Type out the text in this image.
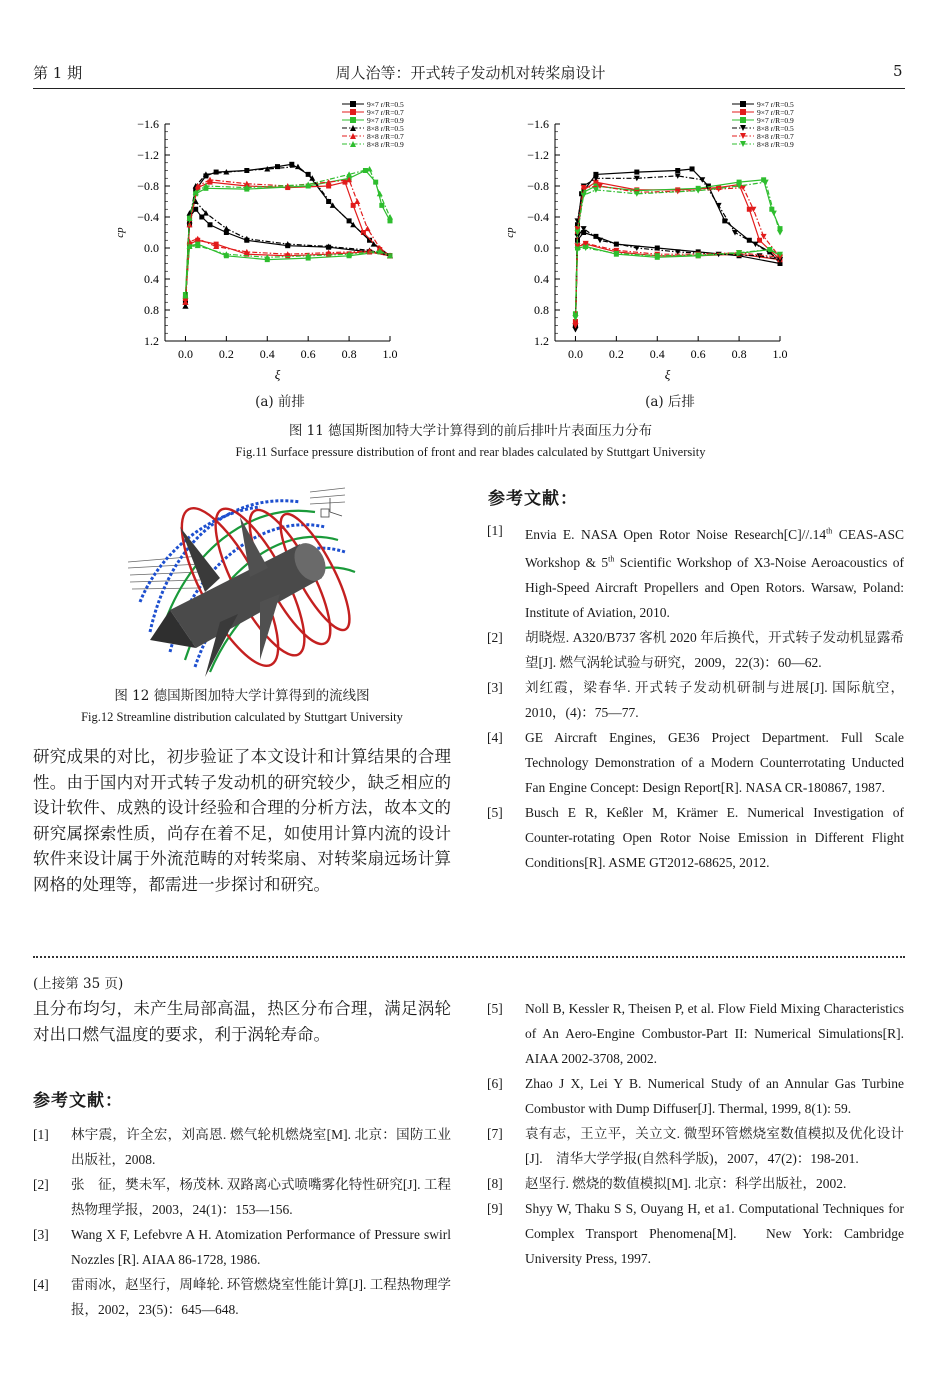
第 1 期	周人治等：开式转子发动机对转桨扇设计	5
−1.6
−1.2
−0.8
−0.4
0.0
0.4
0.8
1.2
0.0 0.2 0.4 0.6 0.8 1.0
ξ
cp
9×7 r/R=0.5
9×7 r/R=0.7
9×7 r/R=0.9
8×8 r/R=0.5
8×8 r/R=0.7
8×8 r/R=0.9
−1.6
−1.2
−0.8
−0.4
0.0
0.4
0.8
1.2
0.0 0.2 0.4 0.6 0.8 1.0
ξ
cp
9×7 r/R=0.5
9×7 r/R=0.7
9×7 r/R=0.9
8×8 r/R=0.5
8×8 r/R=0.7
8×8 r/R=0.9
(a) 前排	(a) 后排
图 11 德国斯图加特大学计算得到的前后排叶片表面压力分布
Fig.11 Surface pressure distribution of front and rear blades calculated by Stuttgart University
图 12 德国斯图加特大学计算得到的流线图
Fig.12 Streamline distribution calculated by Stuttgart University
研究成果的对比，初步验证了本文设计和计算结果的合理性。由于国内对开式转子发动机的研究较少，缺乏相应的设计软件、成熟的设计经验和合理的分析方法，故本文的研究属探索性质，尚存在着不足，如使用计算内流的设计软件来设计属于外流范畴的对转桨扇、对转桨扇远场计算网格的处理等，都需进一步探讨和研究。
参考文献：
[1] Envia E. NASA Open Rotor Noise Research[C]//.14th CEAS-ASC Workshop & 5th Scientific Workshop of X3-Noise Aeroacoustics of High-Speed Aircraft Propellers and Open Rotors. Warsaw, Poland: Institute of Aviation, 2010.
[2] 胡晓煜. A320/B737 客机 2020 年后换代，开式转子发动机显露希望[J]. 燃气涡轮试验与研究，2009，22(3)：60—62.
[3] 刘红霞，梁春华. 开式转子发动机研制与进展[J]. 国际航空，2010，(4)：75—77.
[4] GE Aircraft Engines, GE36 Project Department. Full Scale Technology Demonstration of a Modern Counterrotating Unducted Fan Engine Concept: Design Report[R]. NASA CR-180867, 1987.
[5] Busch E R, Keßler M, Krämer E. Numerical Investigation of Counter-rotating Open Rotor Noise Emission in Different Flight Conditions[R]. ASME GT2012-68625, 2012.
(上接第 35 页)
且分布均匀，未产生局部高温，热区分布合理，满足涡轮对出口燃气温度的要求，利于涡轮寿命。
参考文献：
[1] 林宇震，许全宏，刘高恩. 燃气轮机燃烧室[M]. 北京：国防工业出版社，2008.
[2] 张　征，樊未军，杨茂林. 双路离心式喷嘴雾化特性研究[J]. 工程热物理学报，2003，24(1)：153—156.
[3] Wang X F, Lefebvre A H. Atomization Performance of Pressure swirl Nozzles [R]. AIAA 86-1728, 1986.
[4] 雷雨冰，赵坚行，周峰轮. 环管燃烧室性能计算[J]. 工程热物理学报，2002，23(5)：645—648.
[5] Noll B, Kessler R, Theisen P, et al. Flow Field Mixing Characteristics of An Aero-Engine Combustor-Part II: Numerical Simulations[R]. AIAA 2002-3708, 2002.
[6] Zhao J X, Lei Y B. Numerical Study of an Annular Gas Turbine Combustor with Dump Diffuser[J]. Thermal, 1999, 8(1): 59.
[7] 袁有志，王立平，关立文. 微型环管燃烧室数值模拟及优化设计[J].　清华大学学报(自然科学版)，2007，47(2)：198-201.
[8] 赵坚行. 燃烧的数值模拟[M]. 北京：科学出版社，2002.
[9] Shyy W, Thaku S S, Ouyang H, et a1. Computational Techniques for Complex Transport Phenomena[M].　New York: Cambridge University Press, 1997.
